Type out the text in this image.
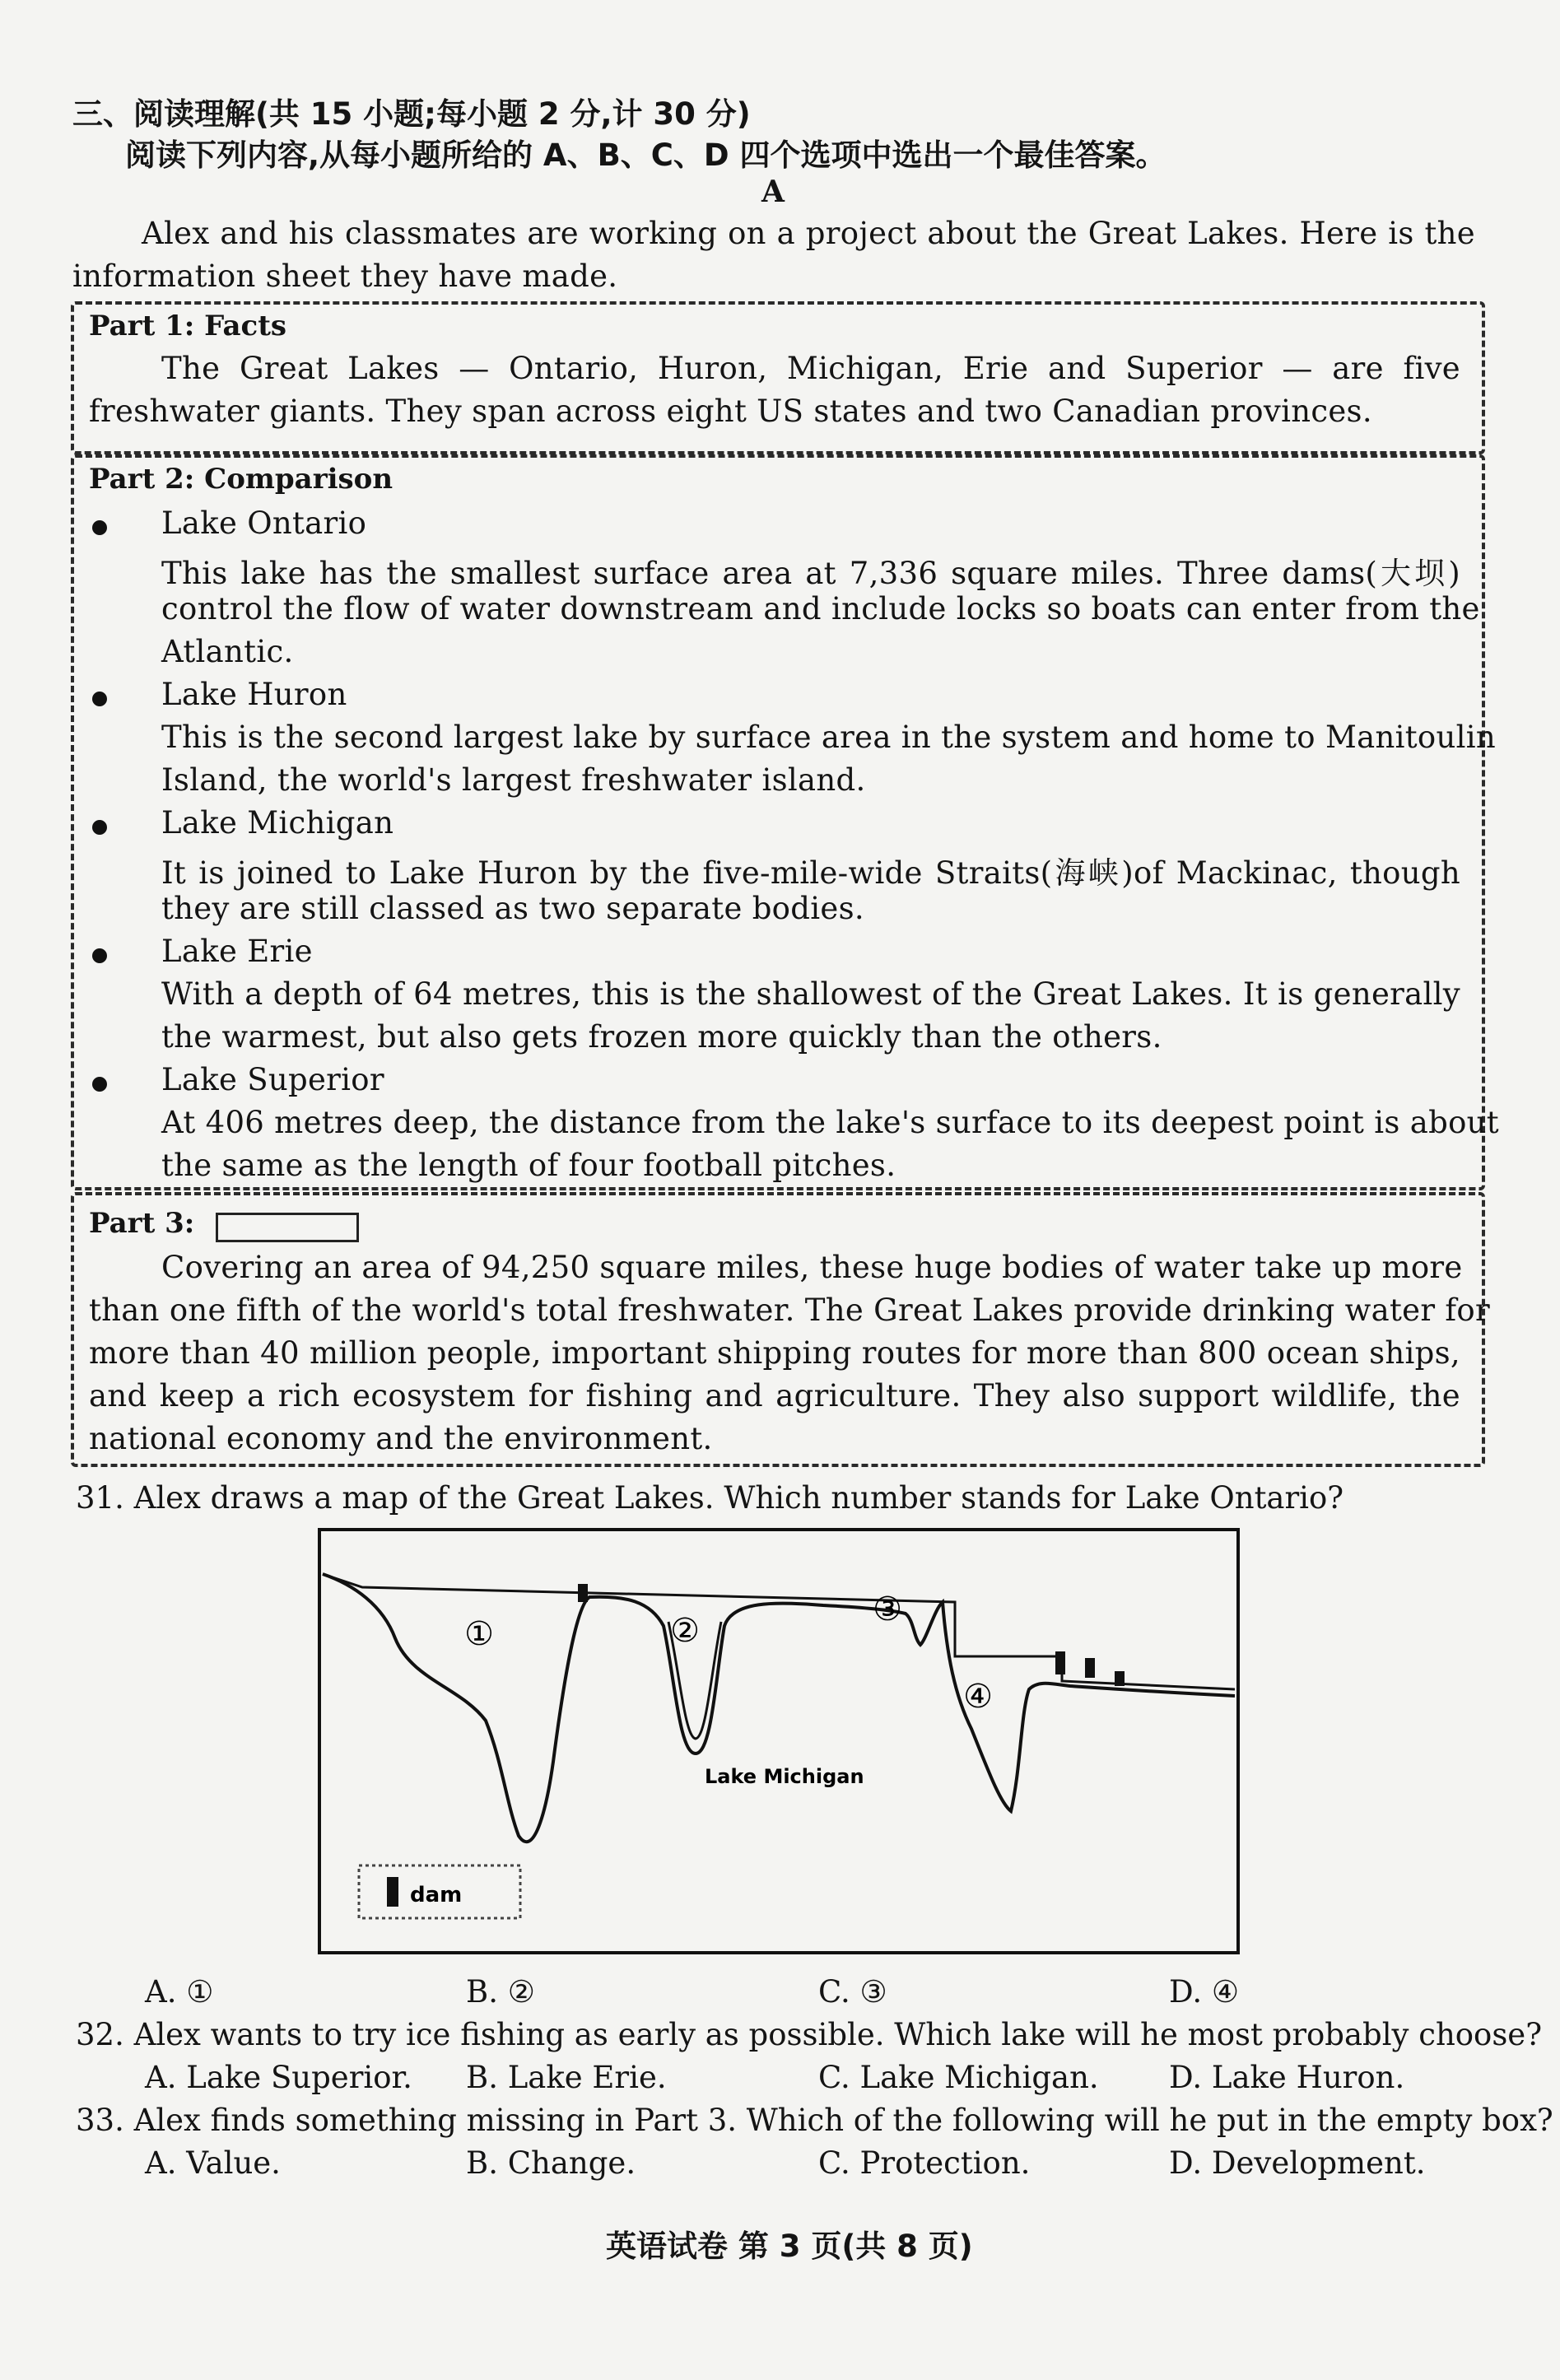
三、阅读理解(共 15 小题;每小题 2 分,计 30 分)
阅读下列内容,从每小题所给的 A、B、C、D 四个选项中选出一个最佳答案。
A
Alex and his classmates are working on a project about the Great Lakes. Here is the
information sheet they have made.
Part 1: Facts
The Great Lakes — Ontario, Huron, Michigan, Erie and Superior — are five
freshwater giants. They span across eight US states and two Canadian provinces.
Part 2: Comparison
Lake Ontario
This lake has the smallest surface area at 7,336 square miles. Three dams(大坝)
control the flow of water downstream and include locks so boats can enter from the
Atlantic.
Lake Huron
This is the second largest lake by surface area in the system and home to Manitoulin
Island, the world's largest freshwater island.
Lake Michigan
It is joined to Lake Huron by the five-mile-wide Straits(海峡)of Mackinac, though
they are still classed as two separate bodies.
Lake Erie
With a depth of 64 metres, this is the shallowest of the Great Lakes. It is generally
the warmest, but also gets frozen more quickly than the others.
Lake Superior
At 406 metres deep, the distance from the lake's surface to its deepest point is about
the same as the length of four football pitches.
Part 3:
Covering an area of 94,250 square miles, these huge bodies of water take up more
than one fifth of the world's total freshwater. The Great Lakes provide drinking water for
more than 40 million people, important shipping routes for more than 800 ocean ships,
and keep a rich ecosystem for fishing and agriculture. They also support wildlife, the
national economy and the environment.
31. Alex draws a map of the Great Lakes. Which number stands for Lake Ontario?
①	②
③
④
Lake Michigan
dam
A. ①	B. ②	C. ③	D. ④
32. Alex wants to try ice fishing as early as possible. Which lake will he most probably choose?
A. Lake Superior. B. Lake Erie.	C. Lake Michigan. D. Lake Huron.
33. Alex finds something missing in Part 3. Which of the following will he put in the empty box?
A. Value.	B. Change.	C. Protection.	D. Development.
英语试卷 第 3 页(共 8 页)
